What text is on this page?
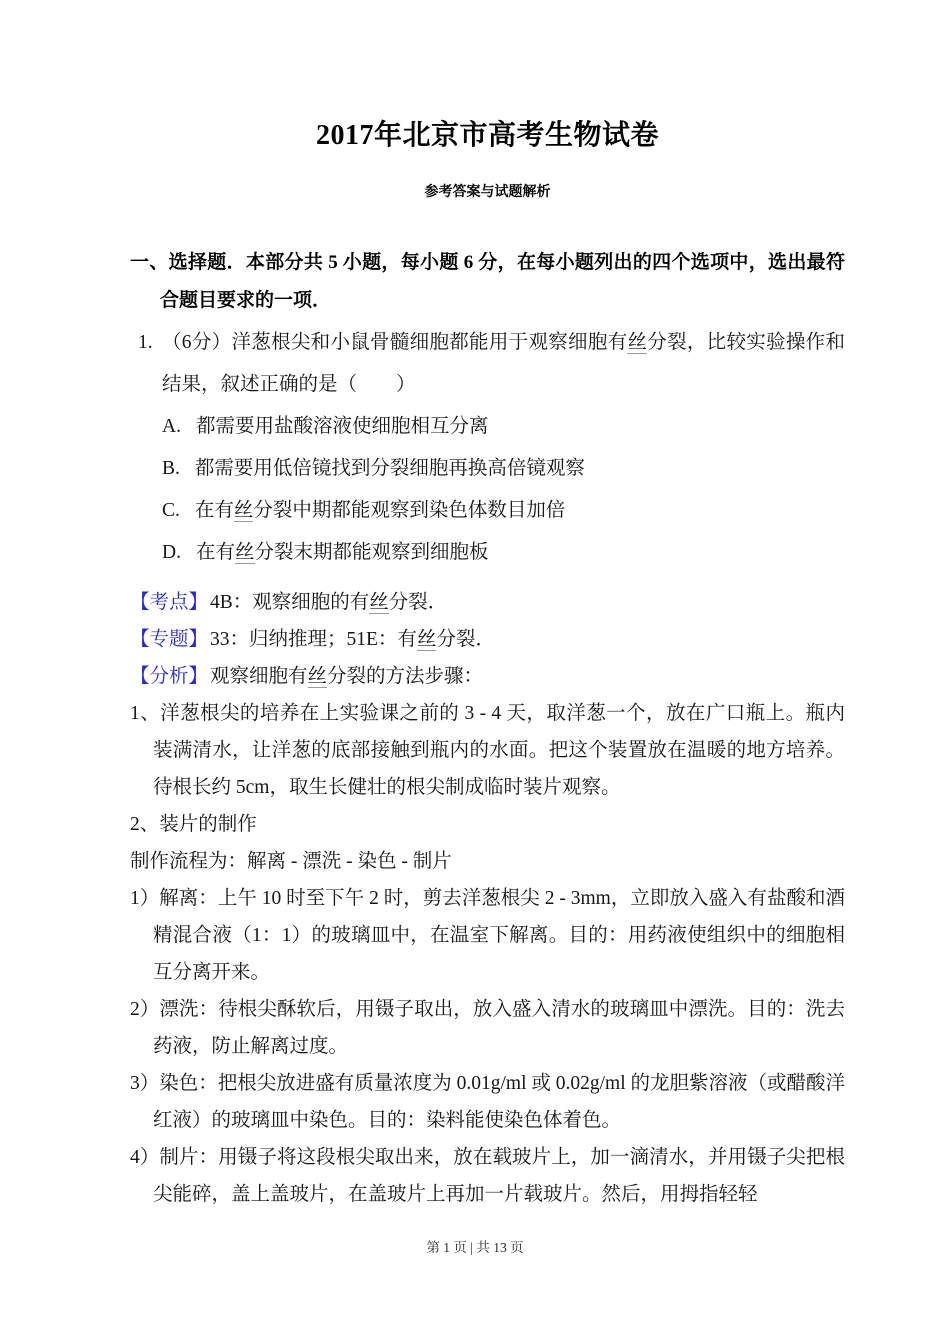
2017年北京市高考生物试卷
参考答案与试题解析
一、选择题．本部分共 5 小题，每小题 6 分，在每小题列出的四个选项中，选出最符合题目要求的一项．
1. （6分）洋葱根尖和小鼠骨髓细胞都能用于观察细胞有丝分裂，比较实验操作和结果，叙述正确的是（　　）
A. 都需要用盐酸溶液使细胞相互分离
B. 都需要用低倍镜找到分裂细胞再换高倍镜观察
C. 在有丝分裂中期都能观察到染色体数目加倍
D. 在有丝分裂末期都能观察到细胞板
【考点】 4B：观察细胞的有丝分裂．
【专题】 33：归纳推理；51E：有丝分裂．
【分析】 观察细胞有丝分裂的方法步骤：
1、洋葱根尖的培养在上实验课之前的 3 - 4 天，取洋葱一个，放在广口瓶上。瓶内装满清水，让洋葱的底部接触到瓶内的水面。把这个装置放在温暖的地方培养。待根长约 5cm，取生长健壮的根尖制成临时装片观察。
2、装片的制作
制作流程为：解离 - 漂洗 - 染色 - 制片
1）解离：上午 10 时至下午 2 时，剪去洋葱根尖 2 - 3mm，立即放入盛入有盐酸和酒精混合液（1：1）的玻璃皿中，在温室下解离。目的：用药液使组织中的细胞相互分离开来。
2）漂洗：待根尖酥软后，用镊子取出，放入盛入清水的玻璃皿中漂洗。目的：洗去药液，防止解离过度。
3）染色：把根尖放进盛有质量浓度为 0.01g/ml 或 0.02g/ml 的龙胆紫溶液（或醋酸洋红液）的玻璃皿中染色。目的：染料能使染色体着色。
4）制片：用镊子将这段根尖取出来，放在载玻片上，加一滴清水，并用镊子尖把根尖能碎，盖上盖玻片，在盖玻片上再加一片载玻片。然后，用拇指轻轻
第 1 页 | 共 13 页
